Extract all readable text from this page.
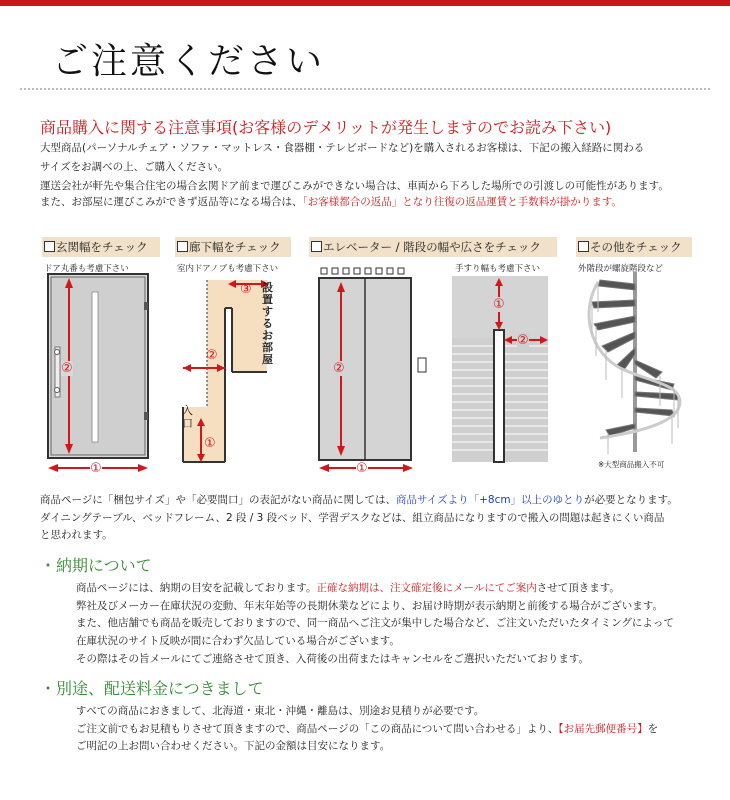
ご注意ください
商品購入に関する注意事項(お客様のデメリットが発生しますのでお読み下さい)
大型商品(パーソナルチェア・ソファ・マットレス・食器棚・テレビボードなど)を購入されるお客様は、下記の搬入経路に関わる
サイズをお調べの上、ご購入ください。
運送会社が軒先や集合住宅の場合玄関ドア前まで運びこみができない場合は、車両から下ろした場所での引渡しの可能性があります。
また、お部屋に運びこみができず返品等になる場合は、「お客様都合の返品」となり往復の返品運賃と手数料が掛かります。
玄関幅をチェック	廊下幅をチェック	エレベーター / 階段の幅や広さをチェック	その他をチェック
ドア丸番も考慮下さい	室内ドアノブも考慮下さい	手すり幅も考慮下さい	外階段が螺旋階段など
②
①
②
①
③
入口
設置するお部屋
②
①
①
②
※大型商品搬入不可
商品ページに「梱包サイズ」や「必要間口」の表記がない商品に関しては、商品サイズより「+8cm」以上のゆとりが必要となります。
ダイニングテーブル、ベッドフレーム、2 段 / 3 段ベッド、学習デスクなどは、組立商品になりますので搬入の問題は起きにくい商品
と思われます。
・納期について
商品ページには、納期の目安を記載しております。正確な納期は、注文確定後にメールにてご案内させて頂きます。
弊社及びメーカー在庫状況の変動、年末年始等の長期休業などにより、お届け時期が表示納期と前後する場合がございます。
また、他店舗でも商品を販売しておりますので、同一商品へご注文が集中した場合など、ご注文いただいたタイミングによって
在庫状況のサイト反映が間に合わず欠品している場合がございます。
その際はその旨メールにてご連絡させて頂き、入荷後の出荷またはキャンセルをご選択いただいております。
・別途、配送料金につきまして
すべての商品におきまして、北海道・東北・沖縄・離島は、別途お見積りが必要です。
ご注文前でもお見積もりさせて頂きますので、商品ページの「この商品について問い合わせる」より、【お届先郵便番号】を
ご明記の上お問い合わせください。下記の金額は目安になります。
